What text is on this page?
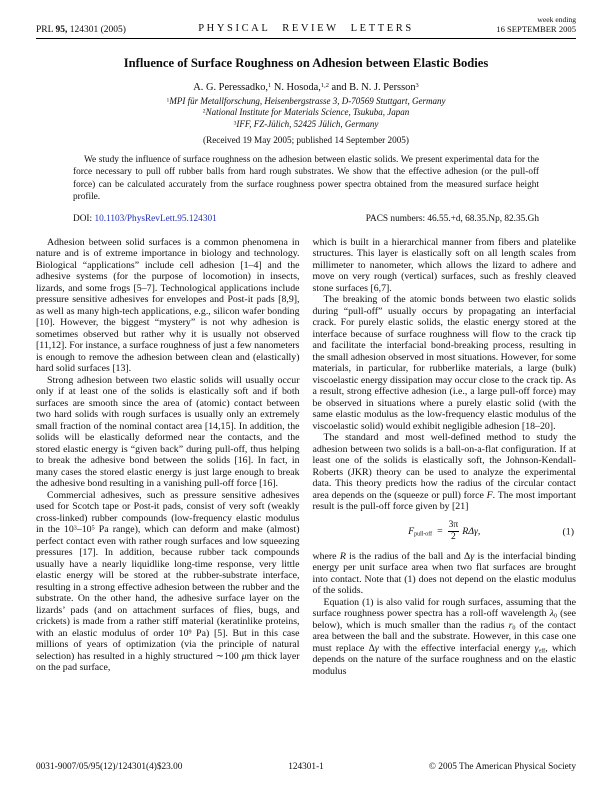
PRL 95, 124301 (2005)	PHYSICAL REVIEW LETTERS
week ending
16 SEPTEMBER 2005
Influence of Surface Roughness on Adhesion between Elastic Bodies
A. G. Peressadko,$^1$ N. Hosoda,$^{1,2}$ and B. N. J. Persson$^3$
$^1$MPI für Metallforschung, Heisenbergstrasse 3, D-70569 Stuttgart, Germany
$^2$National Institute for Materials Science, Tsukuba, Japan
$^3$IFF, FZ-Jülich, 52425 Jülich, Germany
(Received 19 May 2005; published 14 September 2005)
We study the influence of surface roughness on the adhesion between elastic solids. We present experimental data for the force necessary to pull off rubber balls from hard rough substrates. We show that the effective adhesion (or the pull-off force) can be calculated accurately from the surface roughness power spectra obtained from the measured surface height profile.
DOI: 10.1103/PhysRevLett.95.124301	PACS numbers: 46.55.+d, 68.35.Np, 82.35.Gh
Adhesion between solid surfaces is a common phenomena in nature and is of extreme importance in biology and technology. Biological “applications” include cell adhesion [1–4] and the adhesive systems (for the purpose of locomotion) in insects, lizards, and some frogs [5–7]. Technological applications include pressure sensitive adhesives for envelopes and Post-it pads [8,9], as well as many high-tech applications, e.g., silicon wafer bonding [10]. However, the biggest “mystery” is not why adhesion is sometimes observed but rather why it is usually not observed [11,12]. For instance, a surface roughness of just a few nanometers is enough to remove the adhesion between clean and (elastically) hard solid surfaces [13].
Strong adhesion between two elastic solids will usually occur only if at least one of the solids is elastically soft and if both surfaces are smooth since the area of (atomic) contact between two hard solids with rough surfaces is usually only an extremely small fraction of the nominal contact area [14,15]. In addition, the solids will be elastically deformed near the contacts, and the stored elastic energy is “given back” during pull-off, thus helping to break the adhesive bond between the solids [16]. In fact, in many cases the stored elastic energy is just large enough to break the adhesive bond resulting in a vanishing pull-off force [16].
Commercial adhesives, such as pressure sensitive adhesives used for Scotch tape or Post-it pads, consist of very soft (weakly cross-linked) rubber compounds (low-frequency elastic modulus in the $10^3-10^5$ Pa range), which can deform and make (almost) perfect contact even with rather rough surfaces and low squeezing pressures [17]. In addition, because rubber tack compounds usually have a nearly liquidlike long-time response, very little elastic energy will be stored at the rubber-substrate interface, resulting in a strong effective adhesion between the rubber and the substrate. On the other hand, the adhesive surface layer on the lizards’ pads (and on attachment surfaces of flies, bugs, and crickets) is made from a rather stiff material (keratinlike proteins, with an elastic modulus of order $10^9$ Pa) [5]. But in this case millions of years of optimization (via the principle of natural selection) has resulted in a highly structured ∼100 μm thick layer on the pad surface,
which is built in a hierarchical manner from fibers and platelike structures. This layer is elastically soft on all length scales from millimeter to nanometer, which allows the lizard to adhere and move on very rough (vertical) surfaces, such as freshly cleaved stone surfaces [6,7].
The breaking of the atomic bonds between two elastic solids during “pull-off” usually occurs by propagating an interfacial crack. For purely elastic solids, the elastic energy stored at the interface because of surface roughness will flow to the crack tip and facilitate the interfacial bond-breaking process, resulting in the small adhesion observed in most situations. However, for some materials, in particular, for rubberlike materials, a large (bulk) viscoelastic energy dissipation may occur close to the crack tip. As a result, strong effective adhesion (i.e., a large pull-off force) may be observed in situations where a purely elastic solid (with the same elastic modulus as the low-frequency elastic modulus of the viscoelastic solid) would exhibit negligible adhesion [18–20].
The standard and most well-defined method to study the adhesion between two solids is a ball-on-a-flat configuration. If at least one of the solids is elastically soft, the Johnson-Kendall-Roberts (JKR) theory can be used to analyze the experimental data. This theory predicts how the radius of the circular contact area depends on the (squeeze or pull) force F. The most important result is the pull-off force given by [21]
Fpull-off = $\frac{3\pi}{2} R\Delta\gamma$,	(1)
where R is the radius of the ball and Δγ is the interfacial binding energy per unit surface area when two flat surfaces are brought into contact. Note that (1) does not depend on the elastic modulus of the solids.
Equation (1) is also valid for rough surfaces, assuming that the surface roughness power spectra has a roll-off wavelength λ0 (see below), which is much smaller than the radius r0 of the contact area between the ball and the substrate. However, in this case one must replace Δγ with the effective interfacial energy γeff, which depends on the nature of the surface roughness and on the elastic modulus
0031-9007/05/95(12)/124301(4)$23.00	124301-1	© 2005 The American Physical Society
